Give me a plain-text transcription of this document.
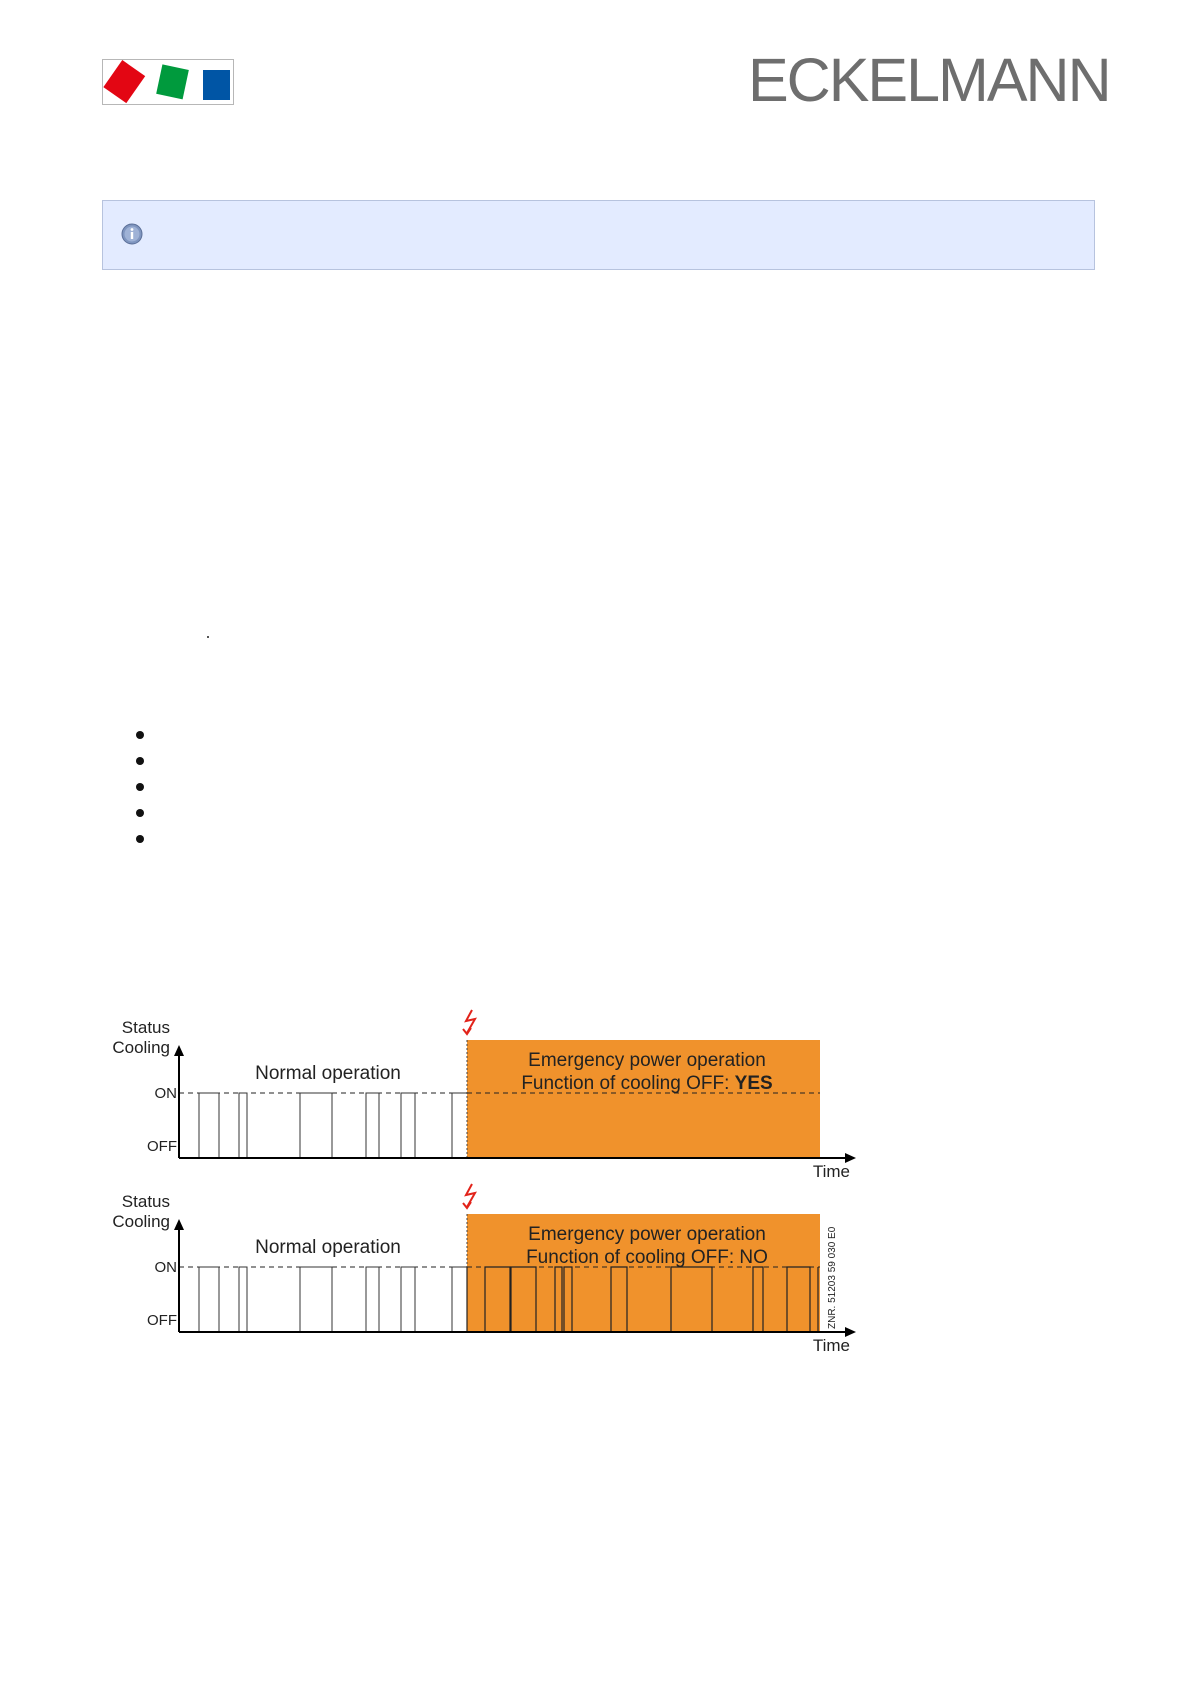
ECKELMANN
Status
Cooling
ON
OFF
Time
Normal operation
Emergency power operation
Function of cooling OFF: YES
Status
Cooling
ON
OFF
Time
Normal operation
Emergency power operation
Function of cooling OFF: NO	ZNR. 51203 59 030 E0
